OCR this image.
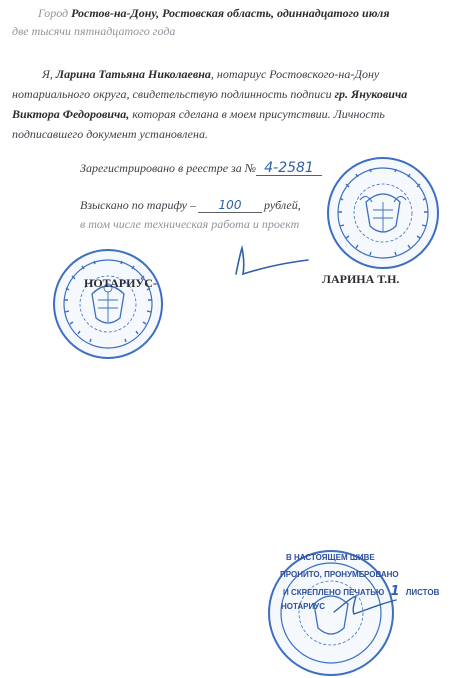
Город Ростов-на-Дону, Ростовская область, одиннадцатого июля
две тысячи пятнадцатого года
Я, Ларина Татьяна Николаевна, нотариус Ростовского-на-Дону
нотариального округа, свидетельствую подлинность подписи гр. Януковича
Виктора Федоровича, которая сделана в моем присутствии. Личность
подписавшего документ установлена.
Зарегистрировано в реестре за № 4-2581
Взыскано по тарифу – 100 рублей,
в том числе техническая работа и проект
НОТАРИУС-	ЛАРИНА Т.Н.
В НАСТОЯЩЕМ ШИВЕ
ПРОНИТО, ПРОНУМЕРОВАНО
И СКРЕПЛЕНО ПЕЧАТЬЮ 1 ЛИСТОВ
НОТАРИУС
